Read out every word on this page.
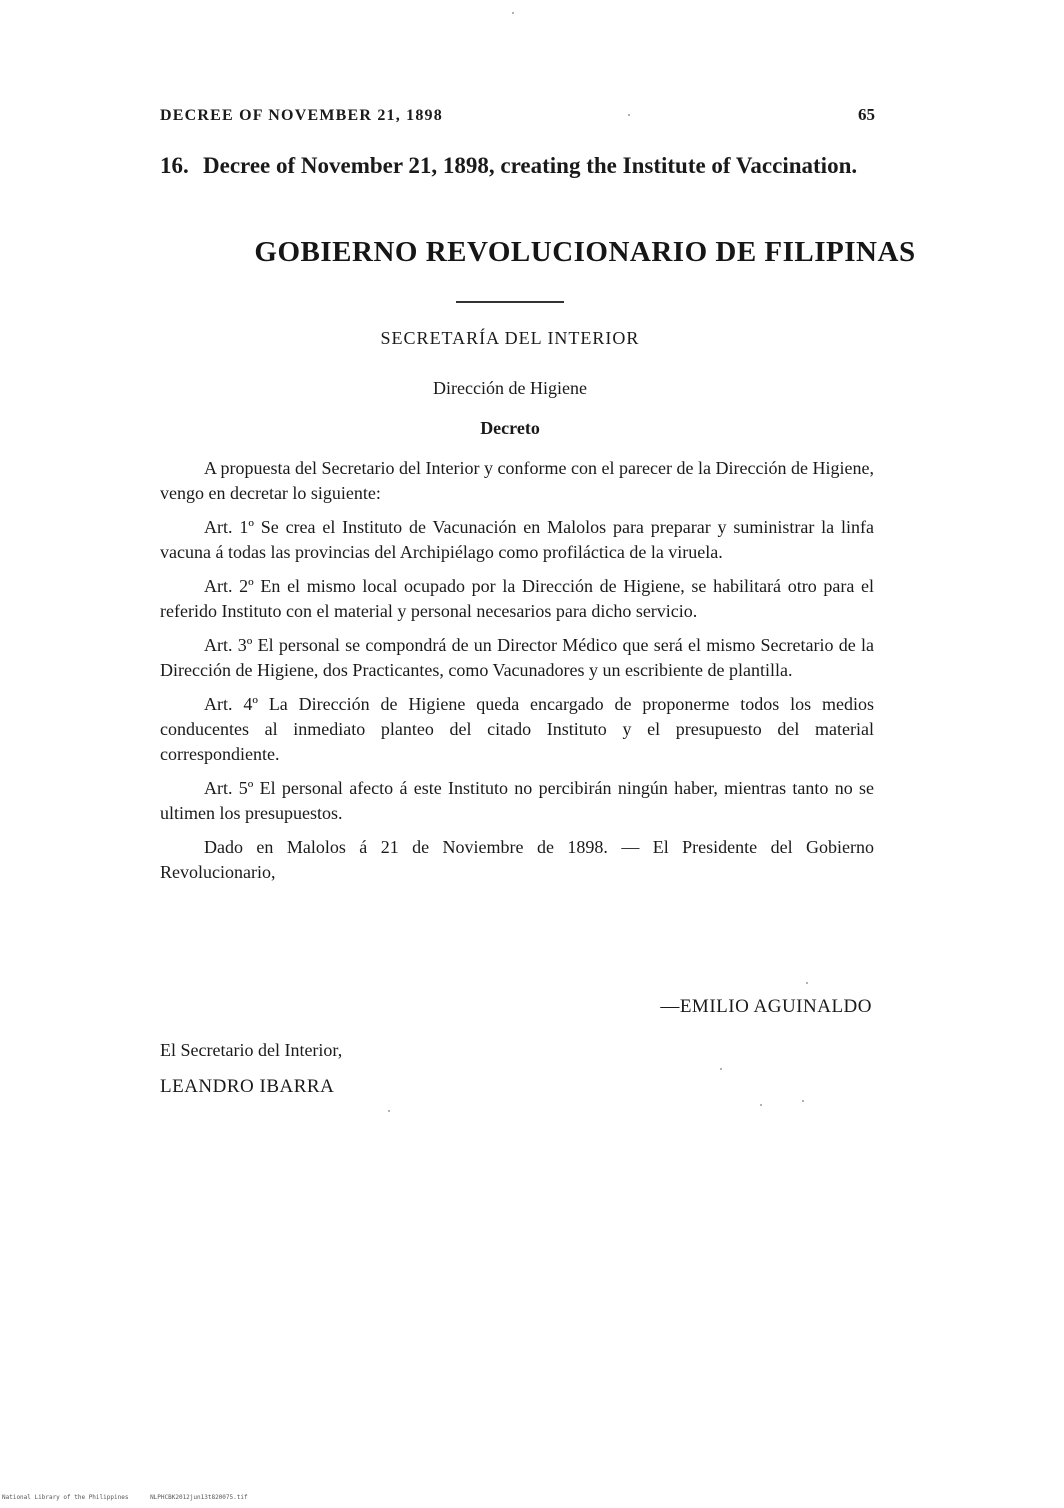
DECREE OF NOVEMBER 21, 1898	65
16. Decree of November 21, 1898, creating the Institute of Vaccination.
GOBIERNO REVOLUCIONARIO DE FILIPINAS
SECRETARÍA DEL INTERIOR
Dirección de Higiene
Decreto

A propuesta del Secretario del Interior y conforme con el parecer de la Dirección de Higiene, vengo en decretar lo siguiente:

Art. 1º Se crea el Instituto de Vacunación en Malolos para preparar y suministrar la linfa vacuna á todas las provincias del Archipiélago como profiláctica de la viruela.

Art. 2º En el mismo local ocupado por la Dirección de Higiene, se habilitará otro para el referido Instituto con el material y personal necesarios para dicho servicio.

Art. 3º El personal se compondrá de un Director Médico que será el mismo Secretario de la Dirección de Higiene, dos Practicantes, como Vacunadores y un escribiente de plantilla.

Art. 4º La Dirección de Higiene queda encargado de proponerme todos los medios conducentes al inmediato planteo del citado Instituto y el presupuesto del material correspondiente.

Art. 5º El personal afecto á este Instituto no percibirán ningún haber, mientras tanto no se ultimen los presupuestos.

Dado en Malolos á 21 de Noviembre de 1898. — El Presidente del Gobierno Revolucionario,

—EMILIO AGUINALDO
El Secretario del Interior,
LEANDRO IBARRA
National Library of the Philippines	NLPHCBK2012jun13t820075.tif
